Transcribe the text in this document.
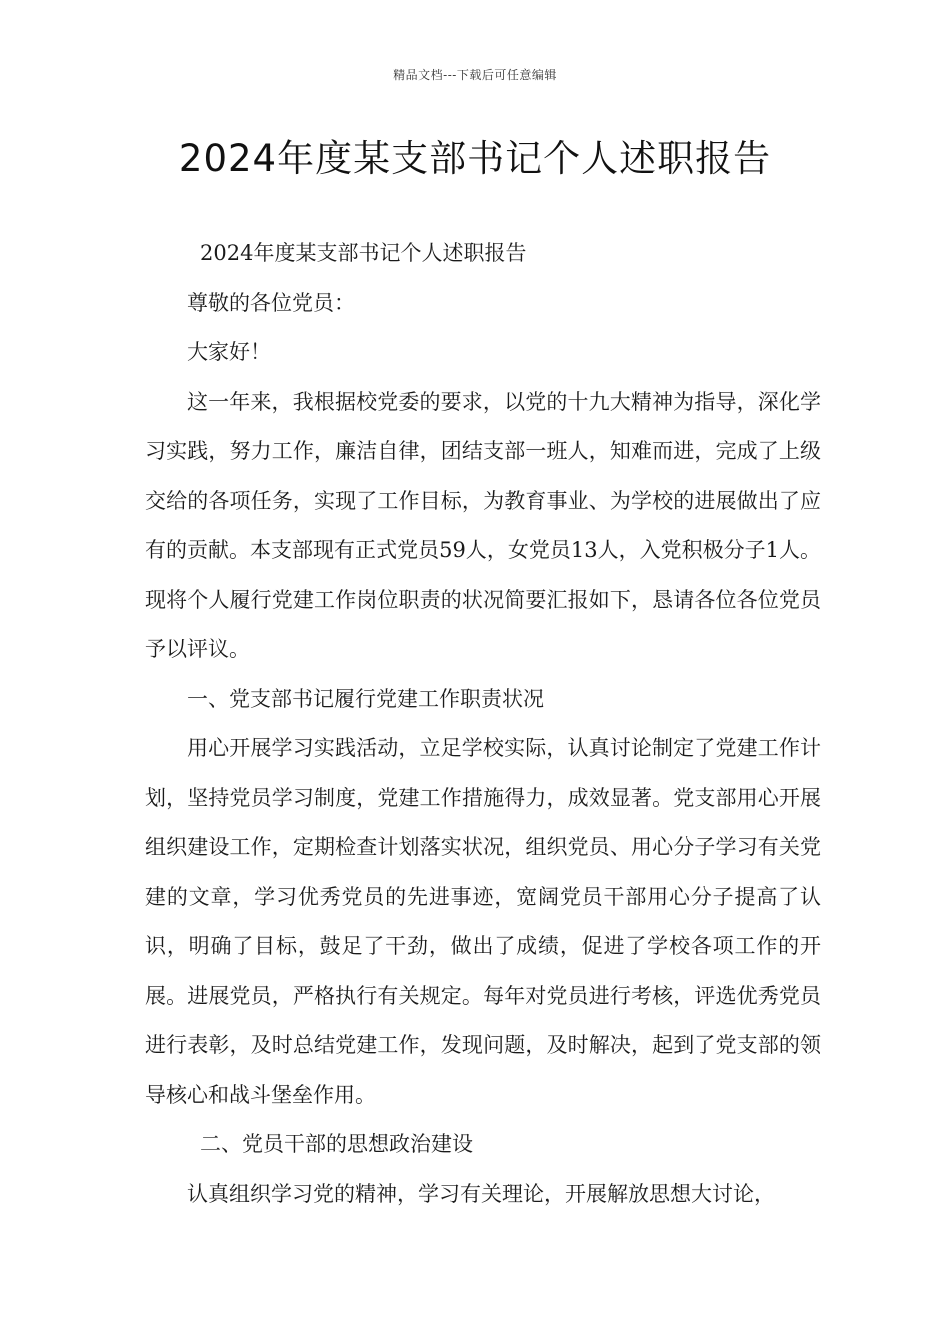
精品文档---下载后可任意编辑
2024年度某支部书记个人述职报告

2024年度某支部书记个人述职报告

尊敬的各位党员：

大家好！

这一年来，我根据校党委的要求，以党的十九大精神为指导，深化学习实践，努力工作，廉洁自律，团结支部一班人，知难而进，完成了上级交给的各项任务，实现了工作目标，为教育事业、为学校的进展做出了应有的贡献。本支部现有正式党员59人，女党员13人，入党积极分子1人。现将个人履行党建工作岗位职责的状况简要汇报如下，恳请各位各位党员予以评议。

一、党支部书记履行党建工作职责状况

用心开展学习实践活动，立足学校实际，认真讨论制定了党建工作计划，坚持党员学习制度，党建工作措施得力，成效显著。党支部用心开展组织建设工作，定期检查计划落实状况，组织党员、用心分子学习有关党建的文章，学习优秀党员的先进事迹，宽阔党员干部用心分子提高了认识，明确了目标，鼓足了干劲，做出了成绩，促进了学校各项工作的开展。进展党员，严格执行有关规定。每年对党员进行考核，评选优秀党员进行表彰，及时总结党建工作，发现问题，及时解决，起到了党支部的领导核心和战斗堡垒作用。

二、党员干部的思想政治建设

认真组织学习党的精神，学习有关理论，开展解放思想大讨论，
